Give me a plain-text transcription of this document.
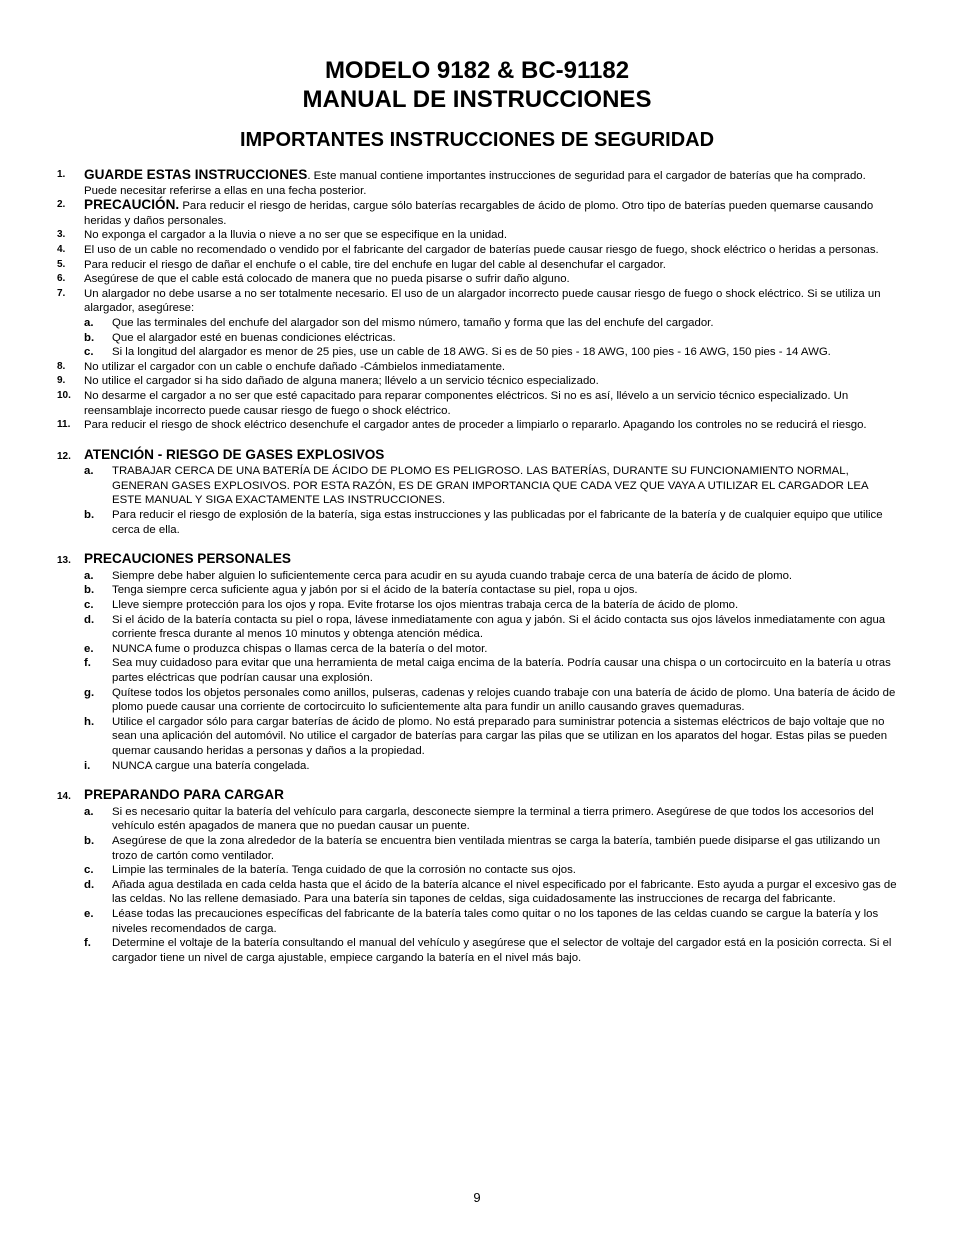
MODELO 9182 & BC-91182
MANUAL DE INSTRUCCIONES
IMPORTANTES INSTRUCCIONES DE SEGURIDAD
1.	GUARDE ESTAS INSTRUCCIONES. Este manual contiene importantes instrucciones de seguridad para el cargador de baterías que ha comprado. Puede necesitar referirse a ellas en una fecha posterior.
2.	PRECAUCIÓN. Para reducir el riesgo de heridas, cargue sólo baterías recargables de ácido de plomo. Otro tipo de baterías pueden quemarse causando heridas y daños personales.
3.	No exponga el cargador a la lluvia o nieve a no ser que se especifique en la unidad.
4.	El uso de un cable no recomendado o vendido por el fabricante del cargador de baterías puede causar riesgo de fuego, shock eléctrico o heridas a personas.
5.	Para reducir el riesgo de dañar el enchufe o el cable, tire del enchufe en lugar del cable al desenchufar el cargador.
6.	Asegúrese de que el cable está colocado de manera que no pueda pisarse o sufrir daño alguno.
7.	Un alargador no debe usarse a no ser totalmente necesario. El uso de un alargador incorrecto puede causar riesgo de fuego o shock eléctrico. Si se utiliza un alargador, asegúrese:
a.	Que las terminales del enchufe del alargador son del mismo número, tamaño y forma que las del enchufe del cargador.
b.	Que el alargador esté en buenas condiciones eléctricas.
c.	Si la longitud del alargador es menor de 25 pies, use un cable de 18 AWG. Si es de 50 pies - 18 AWG, 100 pies - 16 AWG, 150 pies - 14 AWG.
8.	No utilizar el cargador con un cable o enchufe dañado -Cámbielos inmediatamente.
9.	No utilice el cargador si ha sido dañado de alguna manera; llévelo a un servicio técnico especializado.
10.	No desarme el cargador a no ser que esté capacitado para reparar componentes eléctricos. Si no es así, llévelo a un servicio técnico especializado. Un reensamblaje incorrecto puede causar riesgo de fuego o shock eléctrico.
11.	Para reducir el riesgo de shock eléctrico desenchufe el cargador antes de proceder a limpiarlo o repararlo. Apagando los controles no se reducirá el riesgo.
12. ATENCIÓN - RIESGO DE GASES EXPLOSIVOS
a.	TRABAJAR CERCA DE UNA BATERÍA DE ÁCIDO DE PLOMO ES PELIGROSO. LAS BATERÍAS, DURANTE SU FUNCIONAMIENTO NORMAL, GENERAN GASES EXPLOSIVOS. POR ESTA RAZÓN, ES DE GRAN IMPORTANCIA QUE CADA VEZ QUE VAYA A UTILIZAR EL CARGADOR LEA ESTE MANUAL Y SIGA EXACTAMENTE LAS INSTRUCCIONES.
b.	Para reducir el riesgo de explosión de la batería, siga estas instrucciones y las publicadas por el fabricante de la batería y de cualquier equipo que utilice cerca de ella.
13. PRECAUCIONES PERSONALES
a.	Siempre debe haber alguien lo suficientemente cerca para acudir en su ayuda cuando trabaje cerca de una batería de ácido de plomo.
b.	Tenga siempre cerca suficiente agua y jabón por si el ácido de la batería contactase su piel, ropa u ojos.
c.	Lleve siempre protección para los ojos y ropa. Evite frotarse los ojos mientras trabaja cerca de la batería de ácido de plomo.
d.	Si el ácido de la batería contacta su piel o ropa, lávese inmediatamente con agua y jabón. Si el ácido contacta sus ojos lávelos inmediatamente con agua corriente fresca durante al menos 10 minutos y obtenga atención médica.
e.	NUNCA fume o produzca chispas o llamas cerca de la batería o del motor.
f.	Sea muy cuidadoso para evitar que una herramienta de metal caiga encima de la batería. Podría causar una chispa o un cortocircuito en la batería u otras partes eléctricas que podrían causar una explosión.
g.	Quítese todos los objetos personales como anillos, pulseras, cadenas y relojes cuando trabaje con una batería de ácido de plomo. Una batería de ácido de plomo puede causar una corriente de cortocircuito lo suficientemente alta para fundir un anillo causando graves quemaduras.
h.	Utilice el cargador sólo para cargar baterías de ácido de plomo. No está preparado para suministrar potencia a sistemas eléctricos de bajo voltaje que no sean una aplicación del automóvil. No utilice el cargador de baterías para cargar las pilas que se utilizan en los aparatos del hogar. Estas pilas se pueden quemar causando heridas a personas y daños a la propiedad.
i.	NUNCA cargue una batería congelada.
14. PREPARANDO PARA CARGAR
a.	Si es necesario quitar la batería del vehículo para cargarla, desconecte siempre la terminal a tierra primero. Asegúrese de que todos los accesorios del vehículo estén apagados de manera que no puedan causar un puente.
b.	Asegúrese de que la zona alrededor de la batería se encuentra bien ventilada mientras se carga la batería, también puede disiparse el gas utilizando un trozo de cartón como ventilador.
c.	Limpie las terminales de la batería. Tenga cuidado de que la corrosión no contacte sus ojos.
d.	Añada agua destilada en cada celda hasta que el ácido de la batería alcance el nivel especificado por el fabricante. Esto ayuda a purgar el excesivo gas de las celdas. No las rellene demasiado. Para una batería sin tapones de celdas, siga cuidadosamente las instrucciones de recarga del fabricante.
e.	Léase todas las precauciones específicas del fabricante de la batería tales como quitar o no los tapones de las celdas cuando se cargue la batería y los niveles recomendados de carga.
f.	Determine el voltaje de la batería consultando el manual del vehículo y asegúrese que el selector de voltaje del cargador está en la posición correcta. Si el cargador tiene un nivel de carga ajustable, empiece cargando la batería en el nivel más bajo.
9
